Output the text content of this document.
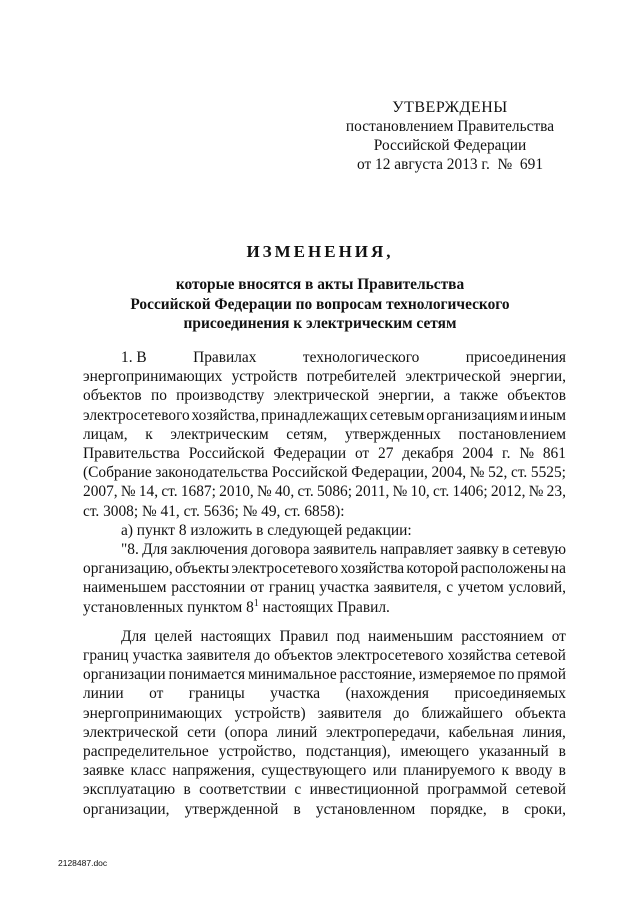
УТВЕРЖДЕНЫ
постановлением Правительства
Российской Федерации
от 12 августа 2013 г.  №  691
ИЗМЕНЕНИЯ,
которые вносятся в акты Правительства
Российской Федерации по вопросам технологического
присоединения к электрическим сетям
1. В	Правилах	технологического	присоединения
энергопринимающих устройств потребителей электрической энергии,
объектов по производству электрической энергии, а также объектов
электросетевого хозяйства, принадлежащих сетевым организациям и иным
лицам, к электрическим сетям, утвержденных постановлением
Правительства Российской Федерации от 27 декабря 2004 г. № 861
(Собрание законодательства Российской Федерации, 2004, № 52, ст. 5525;
2007, № 14, ст. 1687; 2010, № 40, ст. 5086; 2011, № 10, ст. 1406; 2012, № 23,
ст. 3008; № 41, ст. 5636; № 49, ст. 6858):
а) пункт 8 изложить в следующей редакции:
"8. Для заключения договора заявитель направляет заявку в сетевую
организацию, объекты электросетевого хозяйства которой расположены на
наименьшем расстоянии от границ участка заявителя, с учетом условий,
установленных пунктом $8^1$ настоящих Правил.
Для целей настоящих Правил под наименьшим расстоянием от
границ участка заявителя до объектов электросетевого хозяйства сетевой
организации понимается минимальное расстояние, измеряемое по прямой
линии от границы участка (нахождения присоединяемых
энергопринимающих устройств) заявителя до ближайшего объекта
электрической сети (опора линий электропередачи, кабельная линия,
распределительное устройство, подстанция), имеющего указанный в
заявке класс напряжения, существующего или планируемого к вводу в
эксплуатацию в соответствии с инвестиционной программой сетевой
организации, утвержденной в установленном порядке, в сроки,
2128487.doc
